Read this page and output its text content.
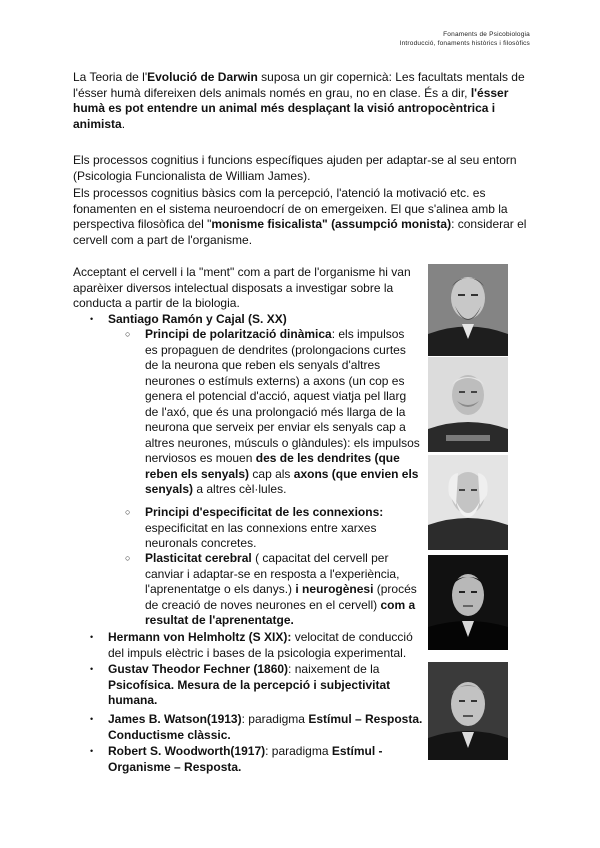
Fonaments de Psicobiologia
Introducció, fonaments històrics i filosòfics
La Teoria de l'Evolució de Darwin suposa un gir copernicà: Les facultats mentals de l'ésser humà difereixen dels animals només en grau, no en clase. És a dir, l'ésser humà es pot entendre un animal més desplaçant la visió antropocèntrica i animista.
Els processos cognitius i funcions específiques ajuden per adaptar-se al seu entorn (Psicologia Funcionalista de William James).
Els processos cognitius bàsics com la percepció, l'atenció la motivació etc. es fonamenten en el sistema neuroendocrí de on emergeixen. El que s'alinea amb la perspectiva filosòfica del "monisme fisicalista" (assumpció monista): considerar el cervell com a part de l'organisme.
Acceptant el cervell i la "ment" com a part de l'organisme hi van aparèixer diversos intelectual disposats a investigar sobre la conducta a partir de la biologia.
• Santiago Ramón y Cajal (S. XX)
○ Principi de polarització dinàmica: els impulsos es propaguen de dendrites (prolongacions curtes de la neurona que reben els senyals d'altres neurones o estímuls externs) a axons (un cop es genera el potencial d'acció, aquest viatja pel llarg de l'axó, que és una prolongació més llarga de la neurona que serveix per enviar els senyals cap a altres neurones, músculs o glàndules): els impulsos nerviosos es mouen des de les dendrites (que reben els senyals) cap als axons (que envien els senyals) a altres cèl·lules.
○ Principi d'especificitat de les connexions: especificitat en las connexions entre xarxes neuronals concretes.
○ Plasticitat cerebral ( capacitat del cervell per canviar i adaptar-se en resposta a l'experiència, l'aprenentatge o els danys.) i neurogènesi (procés de creació de noves neurones en el cervell) com a resultat de l'aprenentatge.
• Hermann von Helmholtz (S XIX): velocitat de conducció del impuls elèctric i bases de la psicologia experimental.
• Gustav Theodor Fechner (1860): naixement de la Psicofísica. Mesura de la percepció i subjectivitat humana.
• James B. Watson(1913): paradigma Estímul – Resposta. Conductisme clàssic.
• Robert S. Woodworth(1917): paradigma Estímul - Organisme – Resposta.
